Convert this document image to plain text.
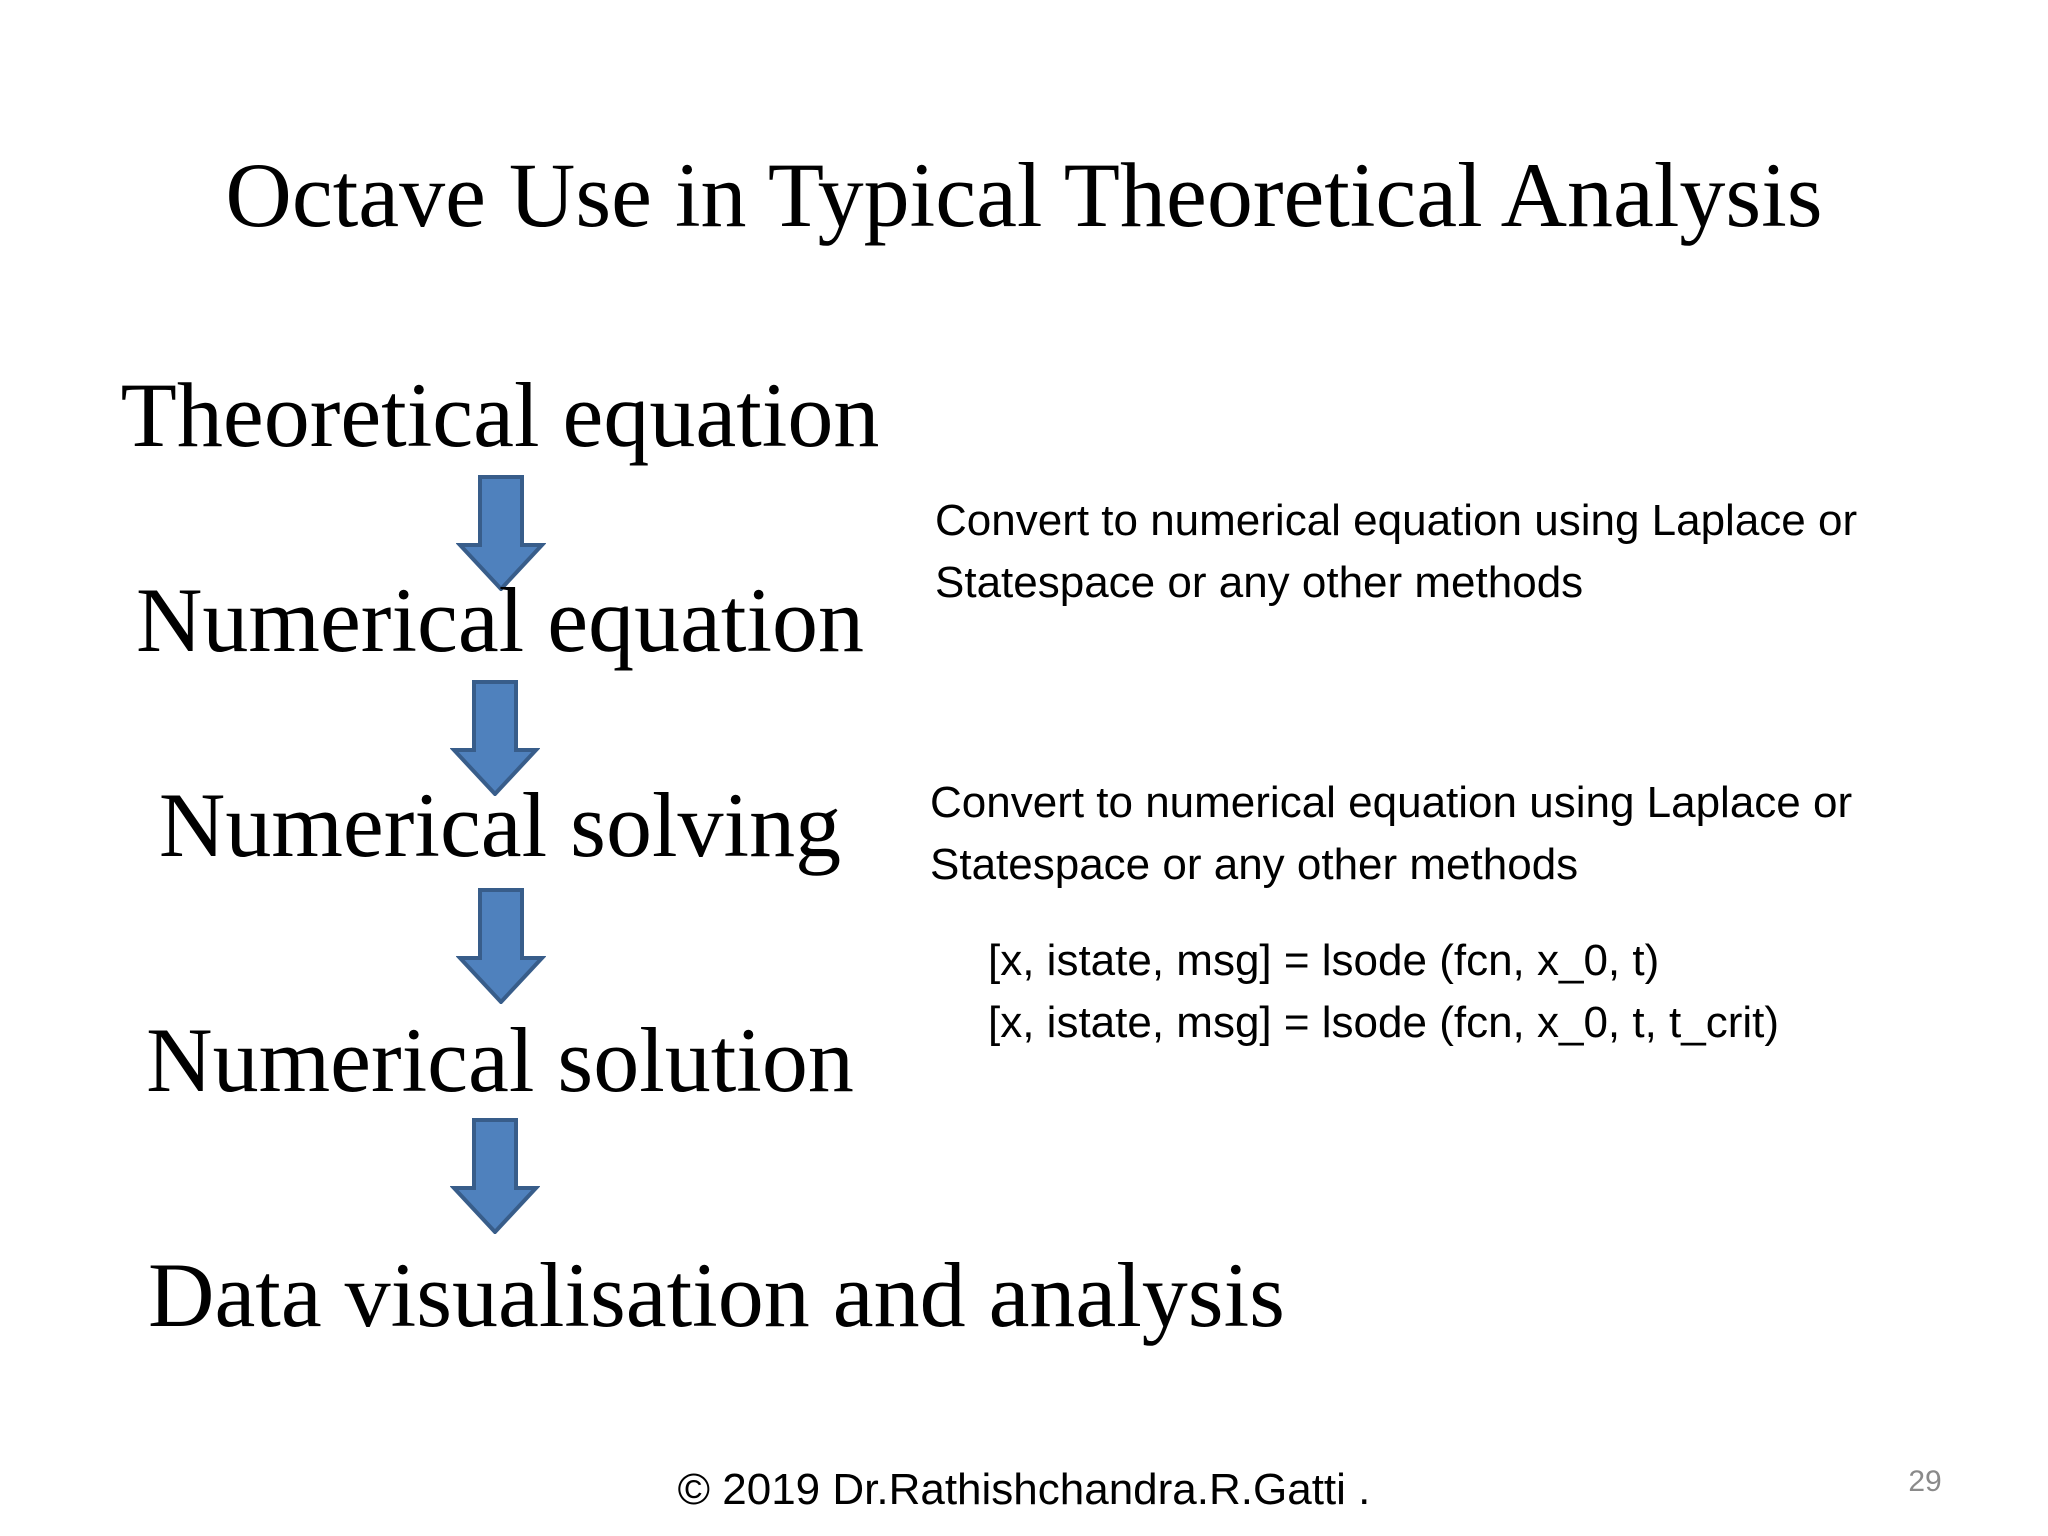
Octave Use in Typical Theoretical Analysis
Theoretical equation
Numerical equation
Numerical solving
Numerical solution
Data visualisation and analysis
Convert to numerical equation using Laplace or
Statespace or any other methods
Convert to numerical equation using Laplace or
Statespace or any other methods
[x, istate, msg] = lsode (fcn, x_0, t)
[x, istate, msg] = lsode (fcn, x_0, t, t_crit)
© 2019 Dr.Rathishchandra.R.Gatti .	29
